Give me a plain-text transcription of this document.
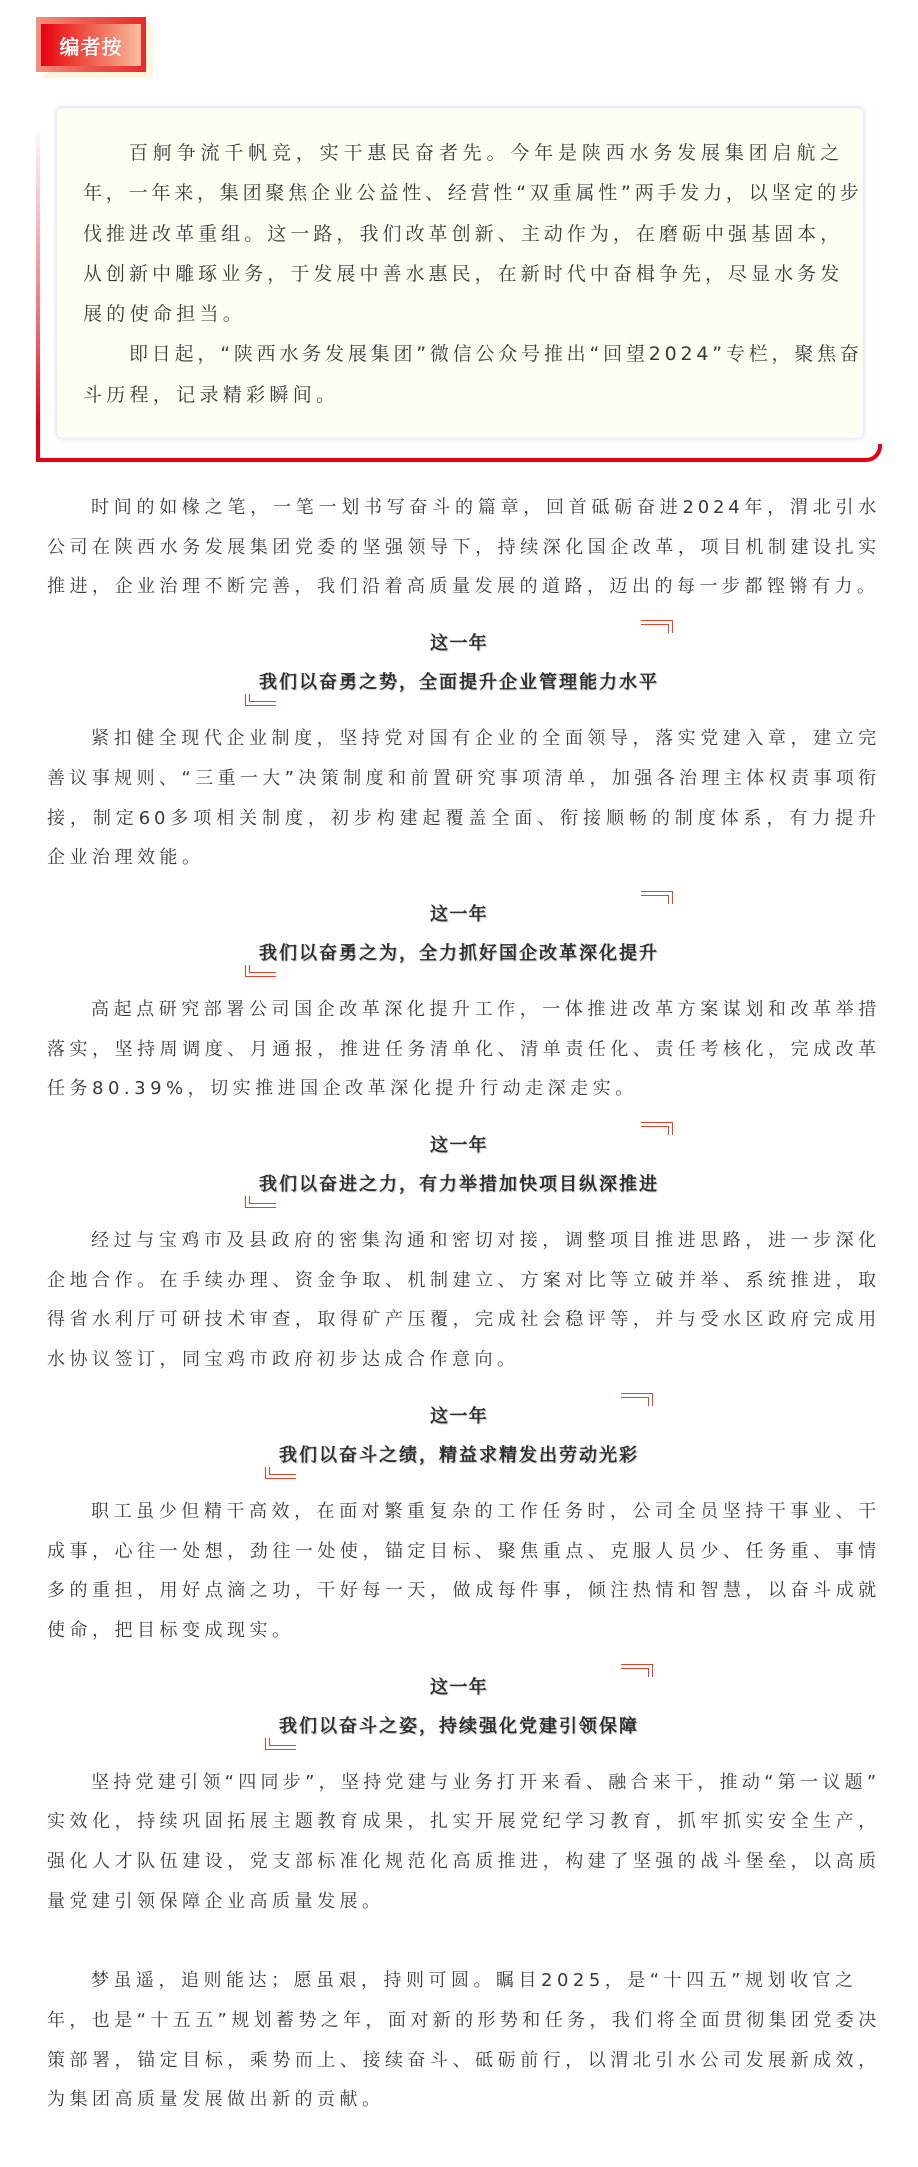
编者按
百舸争流千帆竞，实干惠民奋者先。今年是陕西水务发展集团启航之
年，一年来，集团聚焦企业公益性、经营性“双重属性”两手发力，以坚定的步
伐推进改革重组。这一路，我们改革创新、主动作为，在磨砺中强基固本，
从创新中雕琢业务，于发展中善水惠民，在新时代中奋楫争先，尽显水务发
展的使命担当。
即日起，“陕西水务发展集团”微信公众号推出“回望2024”专栏，聚焦奋
斗历程，记录精彩瞬间。
时间的如椽之笔，一笔一划书写奋斗的篇章，回首砥砺奋进2024年，渭北引水
公司在陕西水务发展集团党委的坚强领导下，持续深化国企改革，项目机制建设扎实
推进，企业治理不断完善，我们沿着高质量发展的道路，迈出的每一步都铿锵有力。
这一年
我们以奋勇之势，全面提升企业管理能力水平
紧扣健全现代企业制度，坚持党对国有企业的全面领导，落实党建入章，建立完
善议事规则、“三重一大”决策制度和前置研究事项清单，加强各治理主体权责事项衔
接，制定60多项相关制度，初步构建起覆盖全面、衔接顺畅的制度体系，有力提升
企业治理效能。
这一年
我们以奋勇之为，全力抓好国企改革深化提升
高起点研究部署公司国企改革深化提升工作，一体推进改革方案谋划和改革举措
落实，坚持周调度、月通报，推进任务清单化、清单责任化、责任考核化，完成改革
任务80.39%，切实推进国企改革深化提升行动走深走实。
这一年
我们以奋进之力，有力举措加快项目纵深推进
经过与宝鸡市及县政府的密集沟通和密切对接，调整项目推进思路，进一步深化
企地合作。在手续办理、资金争取、机制建立、方案对比等立破并举、系统推进，取
得省水利厅可研技术审查，取得矿产压覆，完成社会稳评等，并与受水区政府完成用
水协议签订，同宝鸡市政府初步达成合作意向。
这一年
我们以奋斗之绩，精益求精发出劳动光彩
职工虽少但精干高效，在面对繁重复杂的工作任务时，公司全员坚持干事业、干
成事，心往一处想，劲往一处使，锚定目标、聚焦重点、克服人员少、任务重、事情
多的重担，用好点滴之功，干好每一天，做成每件事，倾注热情和智慧，以奋斗成就
使命，把目标变成现实。
这一年
我们以奋斗之姿，持续强化党建引领保障
坚持党建引领“四同步”，坚持党建与业务打开来看、融合来干，推动“第一议题”
实效化，持续巩固拓展主题教育成果，扎实开展党纪学习教育，抓牢抓实安全生产，
强化人才队伍建设，党支部标准化规范化高质推进，构建了坚强的战斗堡垒，以高质
量党建引领保障企业高质量发展。
梦虽遥，追则能达；愿虽艰，持则可圆。瞩目2025，是“十四五”规划收官之
年，也是“十五五”规划蓄势之年，面对新的形势和任务，我们将全面贯彻集团党委决
策部署，锚定目标，乘势而上、接续奋斗、砥砺前行，以渭北引水公司发展新成效，
为集团高质量发展做出新的贡献。
